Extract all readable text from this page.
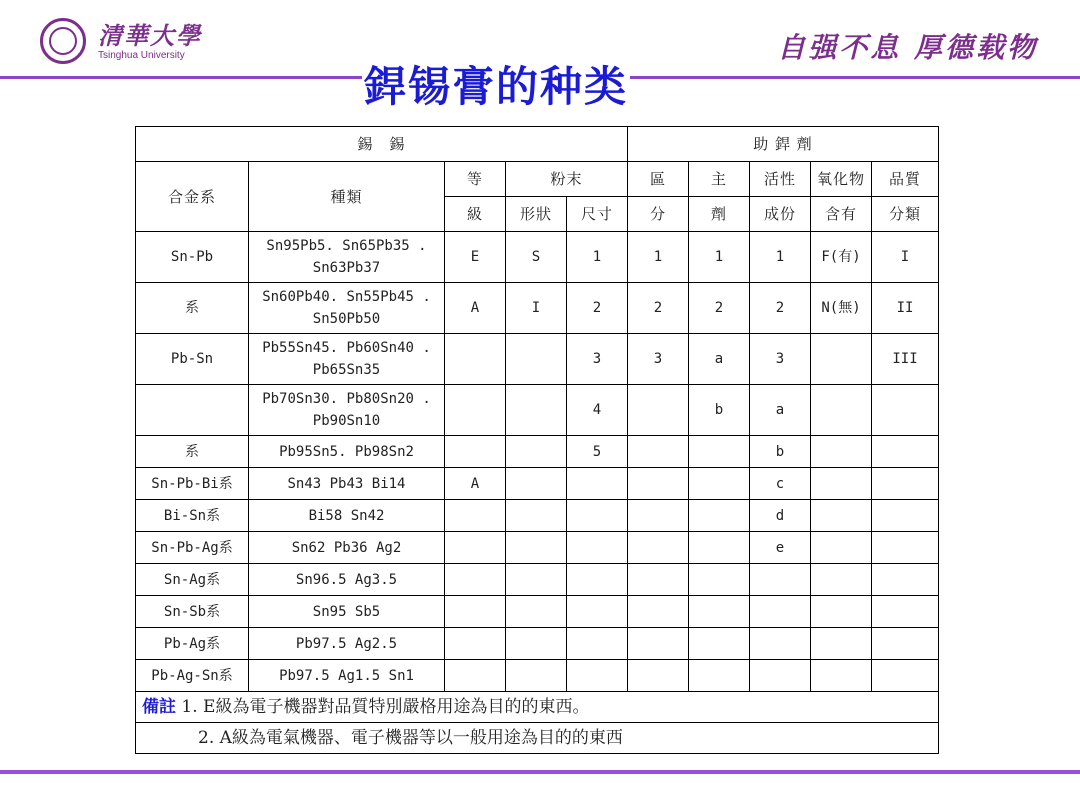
清華大學
Tsinghua University	自强不息 厚德载物
銲锡膏的种类
錫　錫					助 銲 劑				
合金系	種類	等	粉末		區	主	活性	氧化物	品質
		級	形狀	尺寸	分	劑	成份	含有	分類
Sn-Pb	Sn95Pb5. Sn65Pb35 . Sn63Pb37	E	S	1	1	1	1	F(有)	I
系	Sn60Pb40. Sn55Pb45 . Sn50Pb50	A	I	2	2	2	2	N(無)	II
Pb-Sn	Pb55Sn45. Pb60Sn40 . Pb65Sn35			3	3	a	3		III
	Pb70Sn30. Pb80Sn20 . Pb90Sn10			4		b	a		
系	Pb95Sn5. Pb98Sn2			5			b		
Sn-Pb-Bi系	Sn43 Pb43 Bi14	A					c		
Bi-Sn系	Bi58 Sn42						d		
Sn-Pb-Ag系	Sn62 Pb36 Ag2						e		
Sn-Ag系	Sn96.5 Ag3.5								
Sn-Sb系	Sn95 Sb5								
Pb-Ag系	Pb97.5 Ag2.5								
Pb-Ag-Sn系	Pb97.5 Ag1.5 Sn1								
備註 1. E級為電子機器對品質特別嚴格用途為目的的東西。									
2. A級為電氣機器、電子機器等以一般用途為目的的東西									
